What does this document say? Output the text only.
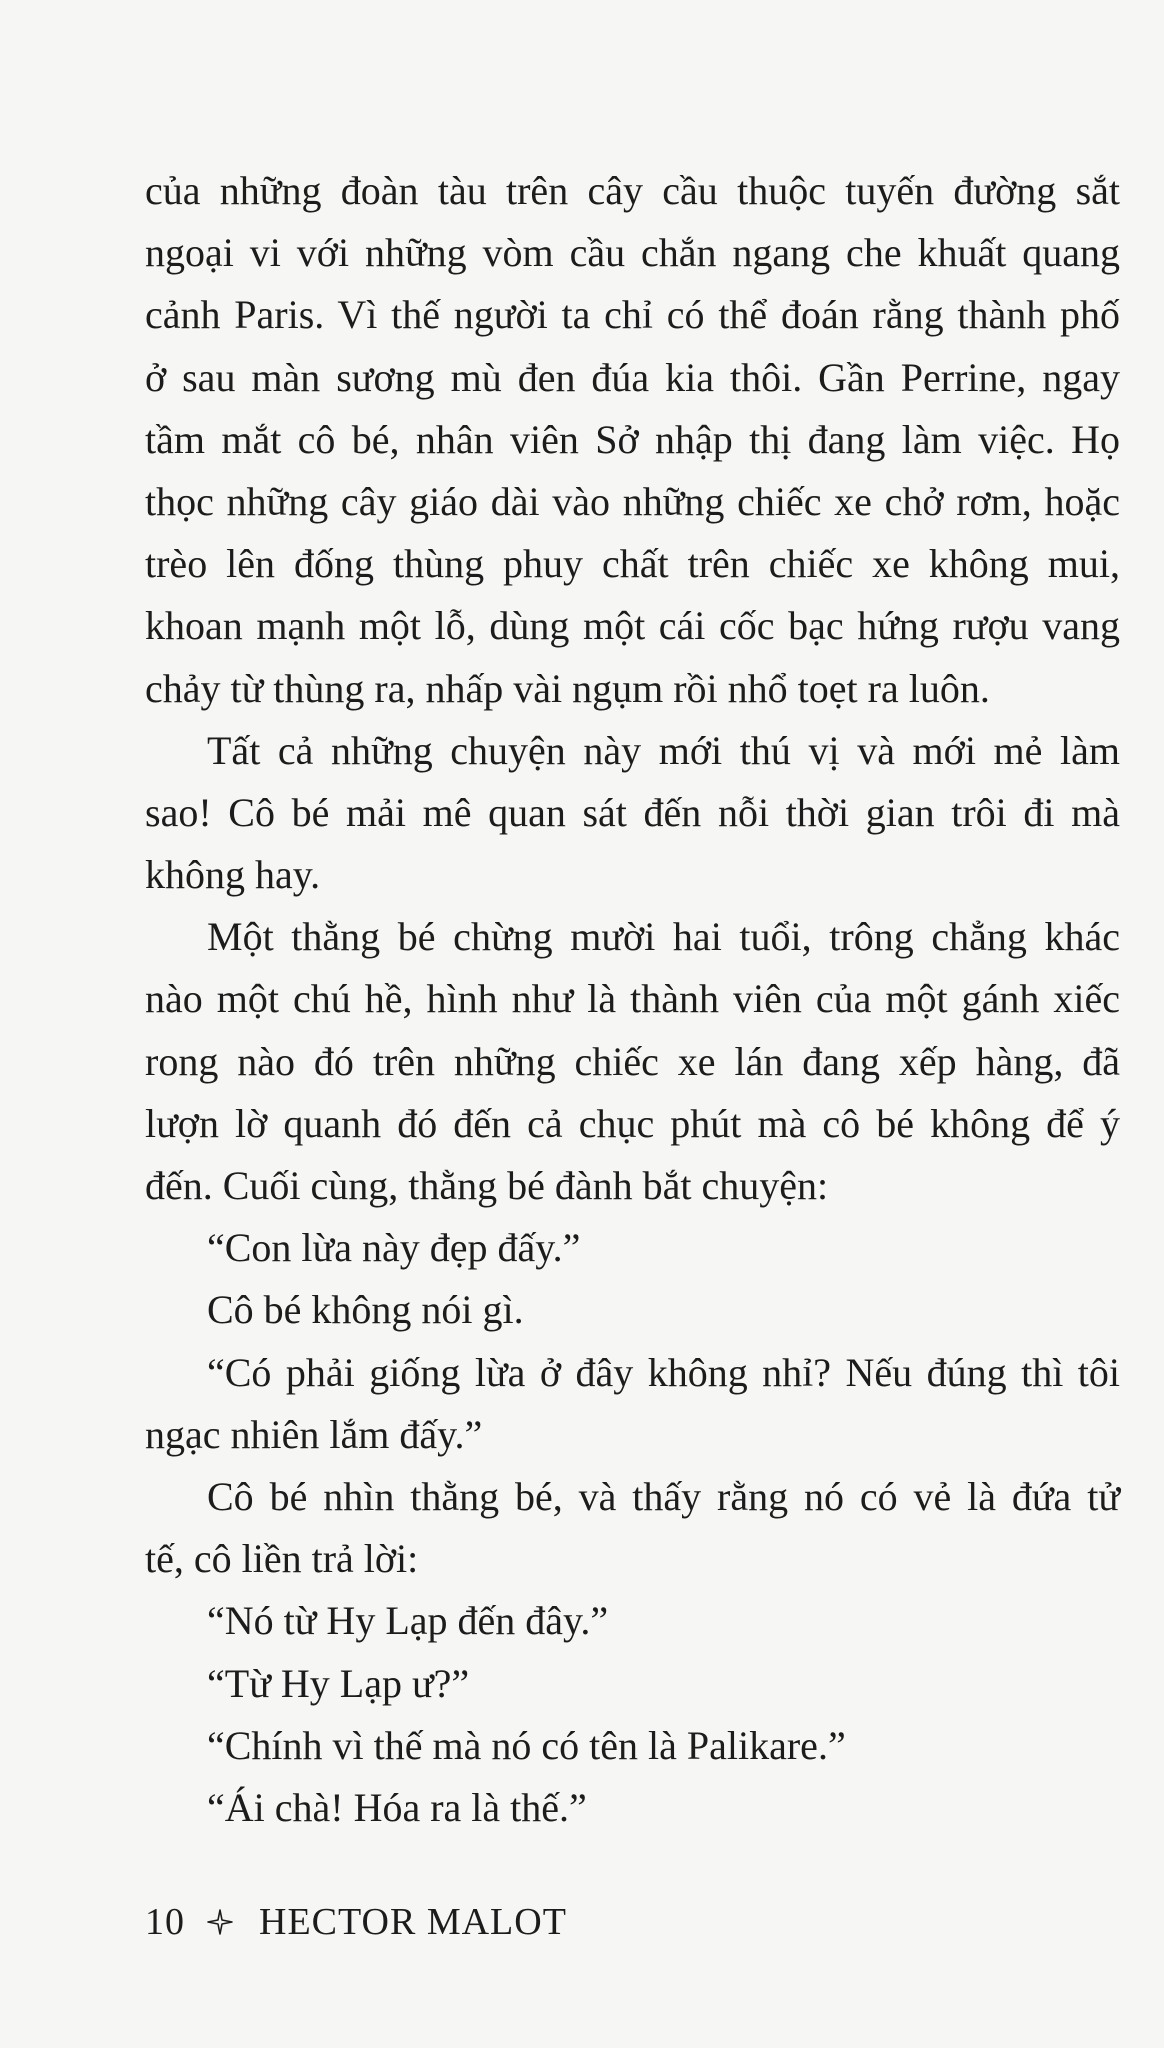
của những đoàn tàu trên cây cầu thuộc tuyến đường sắt
ngoại vi với những vòm cầu chắn ngang che khuất quang
cảnh Paris. Vì thế người ta chỉ có thể đoán rằng thành phố
ở sau màn sương mù đen đúa kia thôi. Gần Perrine, ngay
tầm mắt cô bé, nhân viên Sở nhập thị đang làm việc. Họ
thọc những cây giáo dài vào những chiếc xe chở rơm, hoặc
trèo lên đống thùng phuy chất trên chiếc xe không mui,
khoan mạnh một lỗ, dùng một cái cốc bạc hứng rượu vang
chảy từ thùng ra, nhấp vài ngụm rồi nhổ toẹt ra luôn.
Tất cả những chuyện này mới thú vị và mới mẻ làm
sao! Cô bé mải mê quan sát đến nỗi thời gian trôi đi mà
không hay.
Một thằng bé chừng mười hai tuổi, trông chẳng khác
nào một chú hề, hình như là thành viên của một gánh xiếc
rong nào đó trên những chiếc xe lán đang xếp hàng, đã
lượn lờ quanh đó đến cả chục phút mà cô bé không để ý
đến. Cuối cùng, thằng bé đành bắt chuyện:
“Con lừa này đẹp đấy.”
Cô bé không nói gì.
“Có phải giống lừa ở đây không nhỉ? Nếu đúng thì tôi
ngạc nhiên lắm đấy.”
Cô bé nhìn thằng bé, và thấy rằng nó có vẻ là đứa tử
tế, cô liền trả lời:
“Nó từ Hy Lạp đến đây.”
“Từ Hy Lạp ư?”
“Chính vì thế mà nó có tên là Palikare.”
“Ái chà! Hóa ra là thế.”
10 HECTOR MALOT
